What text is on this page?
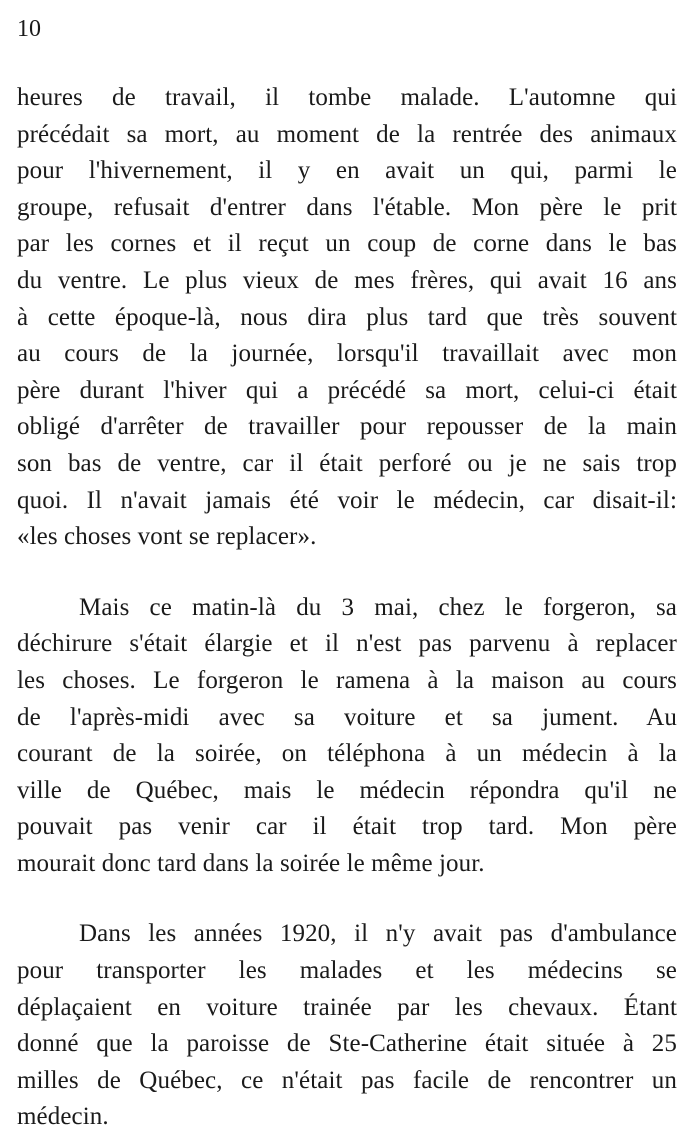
10
heures de travail, il tombe malade. L'automne qui
précédait sa mort, au moment de la rentrée des animaux
pour l'hivernement, il y en avait un qui, parmi le
groupe, refusait d'entrer dans l'étable. Mon père le prit
par les cornes et il reçut un coup de corne dans le bas
du ventre. Le plus vieux de mes frères, qui avait 16 ans
à cette époque-là, nous dira plus tard que très souvent
au cours de la journée, lorsqu'il travaillait avec mon
père durant l'hiver qui a précédé sa mort, celui-ci était
obligé d'arrêter de travailler pour repousser de la main
son bas de ventre, car il était perforé ou je ne sais trop
quoi. Il n'avait jamais été voir le médecin, car disait-il:
«les choses vont se replacer».
Mais ce matin-là du 3 mai, chez le forgeron, sa
déchirure s'était élargie et il n'est pas parvenu à replacer
les choses. Le forgeron le ramena à la maison au cours
de l'après-midi avec sa voiture et sa jument. Au
courant de la soirée, on téléphona à un médecin à la
ville de Québec, mais le médecin répondra qu'il ne
pouvait pas venir car il était trop tard. Mon père
mourait donc tard dans la soirée le même jour.
Dans les années 1920, il n'y avait pas d'ambulance
pour transporter les malades et les médecins se
déplaçaient en voiture trainée par les chevaux. Étant
donné que la paroisse de Ste-Catherine était située à 25
milles de Québec, ce n'était pas facile de rencontrer un
médecin.
